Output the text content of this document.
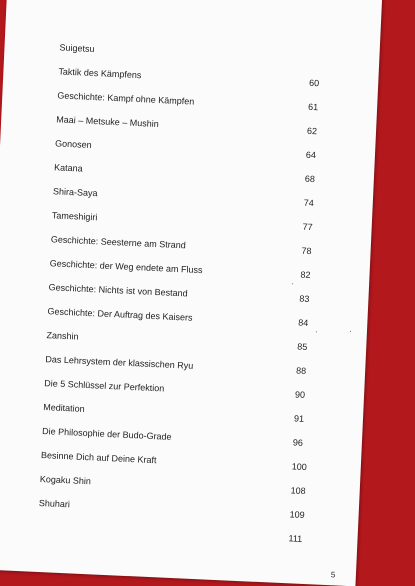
Suigetsu
Taktik des Kämpfens
Geschichte: Kampf ohne Kämpfen
Maai – Metsuke – Mushin
Gonosen
Katana
Shira-Saya
Tameshigiri
Geschichte: Seesterne am Strand
Geschichte: der Weg endete am Fluss
Geschichte: Nichts ist von Bestand
Geschichte: Der Auftrag des Kaisers
Zanshin
Das Lehrsystem der klassischen Ryu
Die 5 Schlüssel zur Perfektion
Meditation
Die Philosophie der Budo-Grade
Besinne Dich auf Deine Kraft
Kogaku Shin
Shuhari
60
61
62
64
68
74
77
78
82
83
84
85
88
90
91
96
100
108
109
111
5
